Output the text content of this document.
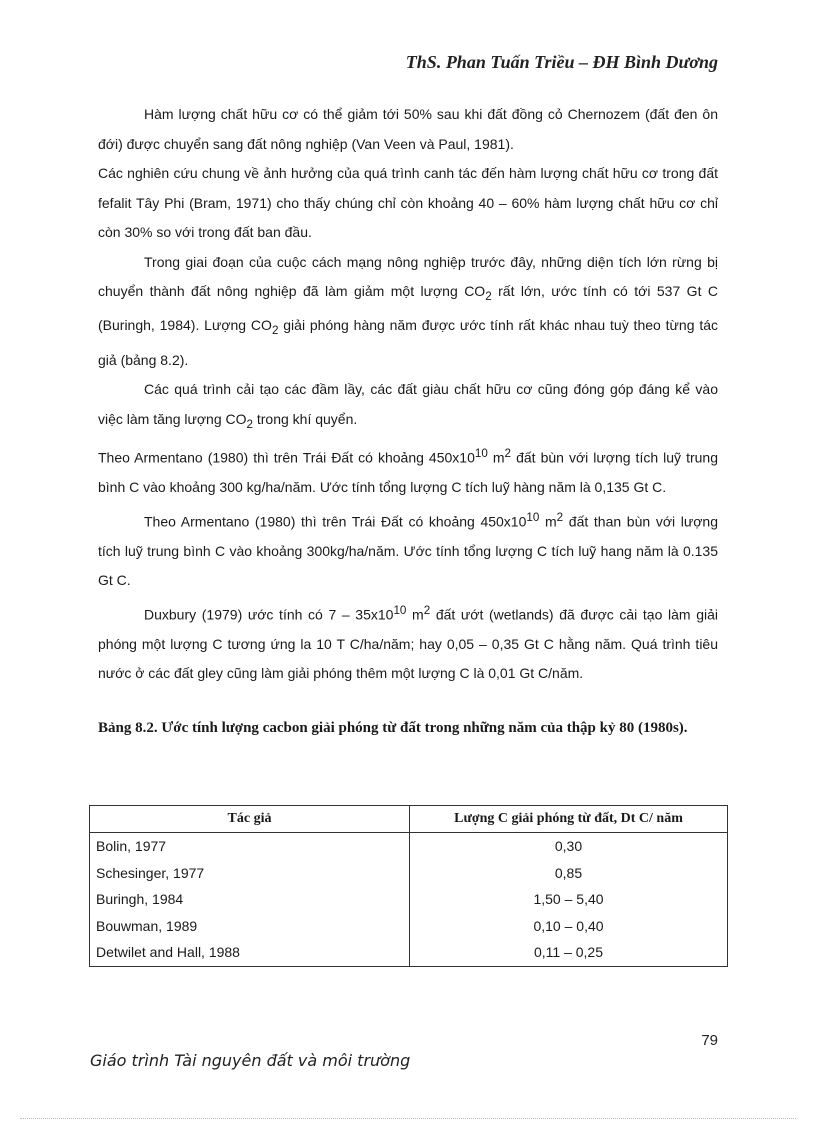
ThS. Phan Tuấn Triều – ĐH Bình Dương

Hàm lượng chất hữu cơ có thể giảm tới 50% sau khi đất đồng cỏ Chernozem (đất đen ôn đới) được chuyển sang đất nông nghiệp (Van Veen và Paul, 1981).

Các nghiên cứu chung về ảnh hưởng của quá trình canh tác đến hàm lượng chất hữu cơ trong đất fefalit Tây Phi (Bram, 1971) cho thấy chúng chỉ còn khoảng 40 – 60% hàm lượng chất hữu cơ chỉ còn 30% so với trong đất ban đầu.

Trong giai đoạn của cuộc cách mạng nông nghiệp trước đây, những diện tích lớn rừng bị chuyển thành đất nông nghiệp đã làm giảm một lượng $CO_2$ rất lớn, ước tính có tới 537 Gt C (Buringh, 1984). Lượng $CO_2$ giải phóng hàng năm được ước tính rất khác nhau tuỳ theo từng tác giả (bảng 8.2).

Các quá trình cải tạo các đầm lầy, các đất giàu chất hữu cơ cũng đóng góp đáng kể vào việc làm tăng lượng $CO_2$ trong khí quyển.

Theo Armentano (1980) thì trên Trái Đất có khoảng $450x10^{10}$ $m^2$ đất bùn với lượng tích luỹ trung bình C vào khoảng 300 kg/ha/năm. Ước tính tổng lượng C tích luỹ hàng năm là 0,135 Gt C.

Theo Armentano (1980) thì trên Trái Đất có khoảng $450x10^{10}$ $m^2$ đất than bùn với lượng tích luỹ trung bình C vào khoảng 300kg/ha/năm. Ước tính tổng lượng C tích luỹ hang năm là 0.135 Gt C.

Duxbury (1979) ước tính có $7 - 35x10^{10}$ $m^2$ đất ướt (wetlands) đã được cải tạo làm giải phóng một lượng C tương ứng la 10 T C/ha/năm; hay 0,05 – 0,35 Gt C hằng năm. Quá trình tiêu nước ở các đất gley cũng làm giải phóng thêm một lượng C là 0,01 Gt C/năm.

Bảng 8.2. Ước tính lượng cacbon giải phóng từ đất trong những năm của thập kỷ 80 (1980s).
Tác giả	Lượng C giải phóng từ đất, Dt C/ năm
Bolin, 1977	0,30
Schesinger, 1977	0,85
Buringh, 1984	1,50 – 5,40
Bouwman, 1989	0,10 – 0,40
Detwilet and Hall, 1988	0,11 – 0,25
79
Giáo trình Tài nguyên đất và môi trường
